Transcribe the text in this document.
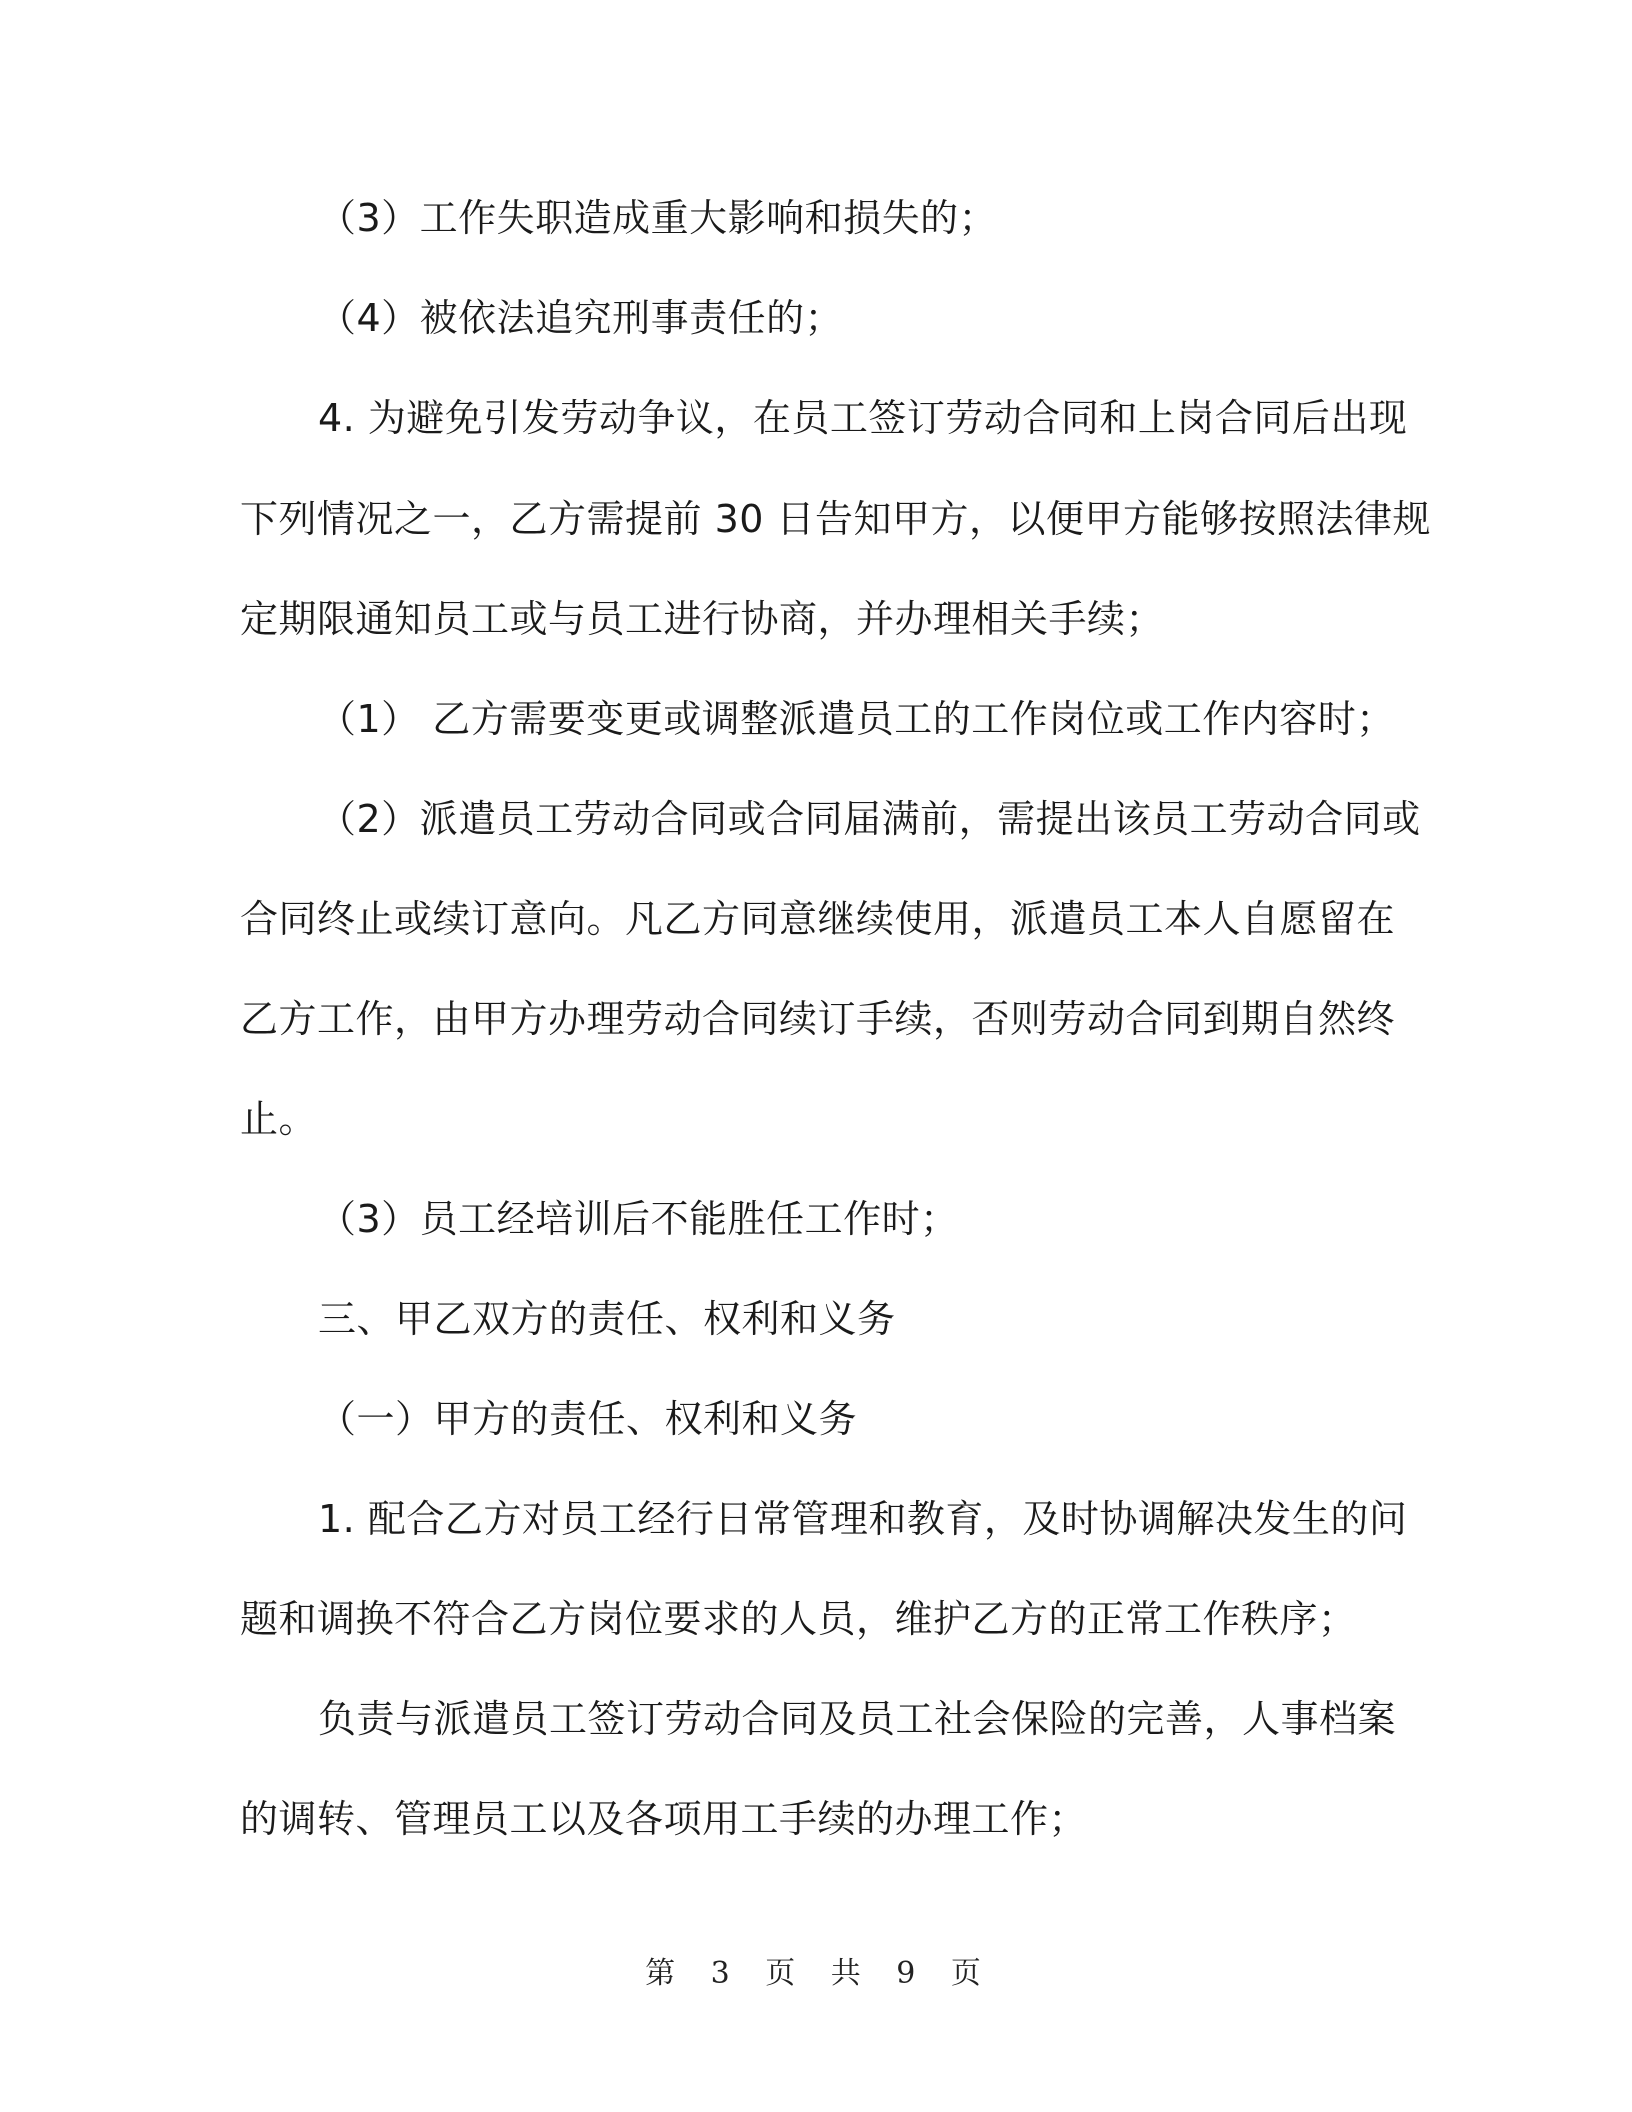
（3）工作失职造成重大影响和损失的；
（4）被依法追究刑事责任的；
4. 为避免引发劳动争议，在员工签订劳动合同和上岗合同后出现
下列情况之一，乙方需提前 30 日告知甲方，以便甲方能够按照法律规
定期限通知员工或与员工进行协商，并办理相关手续；
（1） 乙方需要变更或调整派遣员工的工作岗位或工作内容时；
（2）派遣员工劳动合同或合同届满前，需提出该员工劳动合同或
合同终止或续订意向。凡乙方同意继续使用，派遣员工本人自愿留在
乙方工作，由甲方办理劳动合同续订手续，否则劳动合同到期自然终
止。
（3）员工经培训后不能胜任工作时；
三、甲乙双方的责任、权利和义务
（一）甲方的责任、权利和义务
1. 配合乙方对员工经行日常管理和教育，及时协调解决发生的问
题和调换不符合乙方岗位要求的人员，维护乙方的正常工作秩序；
负责与派遣员工签订劳动合同及员工社会保险的完善，人事档案
的调转、管理员工以及各项用工手续的办理工作；
第 3 页 共 9 页
